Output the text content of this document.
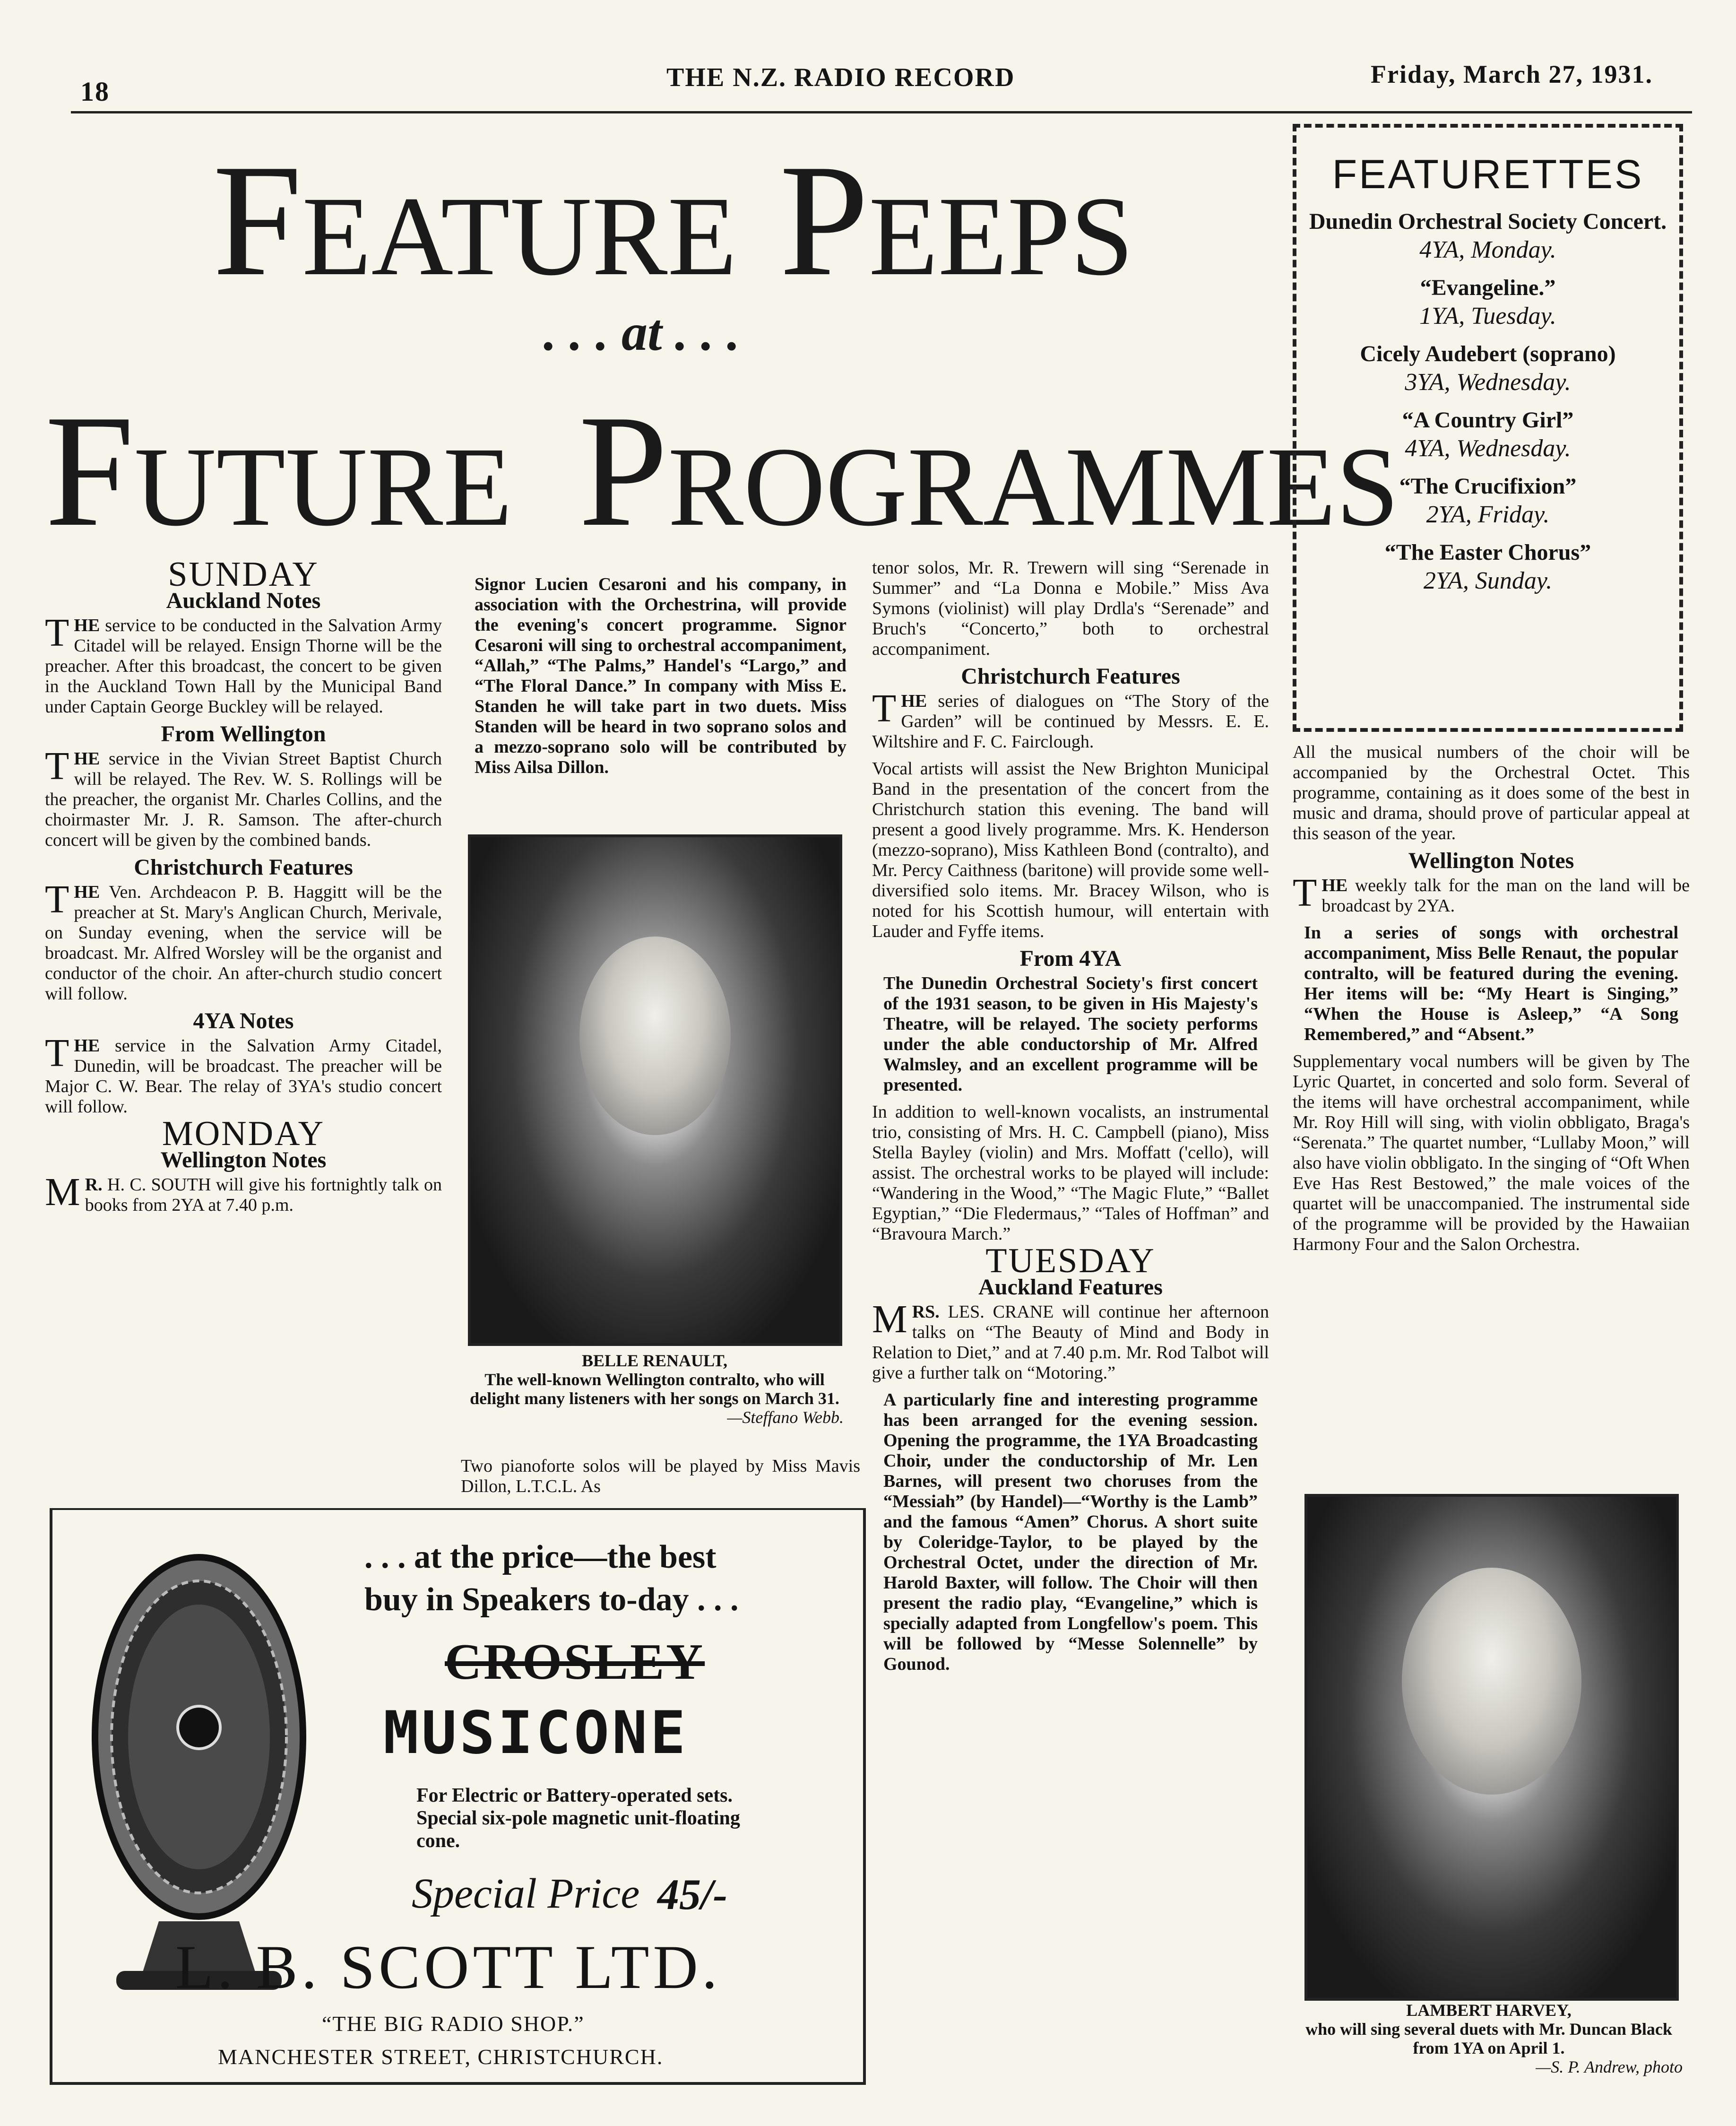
18	THE N.Z. RADIO RECORD	Friday, March 27, 1931.
FEATURE PEEPS
. . . at . . .
FUTURE PROGRAMMES
FEATURETTES
Dunedin Orchestral Society Concert.
4YA, Monday.
“Evangeline.”
1YA, Tuesday.
Cicely Audebert (soprano)
3YA, Wednesday.
“A Country Girl”
4YA, Wednesday.
“The Crucifixion”
2YA, Friday.
“The Easter Chorus”
2YA, Sunday.
SUNDAY
Auckland Notes

THE service to be conducted in the Salvation Army Citadel will be relayed. Ensign Thorne will be the preacher. After this broadcast, the concert to be given in the Auckland Town Hall by the Municipal Band under Captain George Buckley will be relayed.

From Wellington

THE service in the Vivian Street Baptist Church will be relayed. The Rev. W. S. Rollings will be the preacher, the organist Mr. Charles Collins, and the choirmaster Mr. J. R. Samson. The after-church concert will be given by the combined bands.

Christchurch Features

THE Ven. Archdeacon P. B. Haggitt will be the preacher at St. Mary's Anglican Church, Merivale, on Sunday evening, when the service will be broadcast. Mr. Alfred Worsley will be the organist and conductor of the choir. An after-church studio concert will follow.

4YA Notes

THE service in the Salvation Army Citadel, Dunedin, will be broadcast. The preacher will be Major C. W. Bear. The relay of 3YA's studio concert will follow.

MONDAY
Wellington Notes

M R. H. C. SOUTH will give his fortnightly talk on books from 2YA at 7.40 p.m.

Signor Lucien Cesaroni and his company, in association with the Orchestrina, will provide the evening's concert programme. Signor Cesaroni will sing to orchestral accompaniment, “Allah,” “The Palms,” Handel's “Largo,” and “The Floral Dance.” In company with Miss E. Standen he will take part in two duets. Miss Standen will be heard in two soprano solos and a mezzo-soprano solo will be contributed by Miss Ailsa Dillon.

BELLE RENAULT,
The well-known Wellington contralto, who will delight many listeners with her songs on March 31.
—Steffano Webb.

Two pianoforte solos will be played by Miss Mavis Dillon, L.T.C.L. As

tenor solos, Mr. R. Trewern will sing “Serenade in Summer” and “La Donna e Mobile.” Miss Ava Symons (violinist) will play Drdla's “Serenade” and Bruch's “Concerto,” both to orchestral accompaniment.

Christchurch Features

THE series of dialogues on “The Story of the Garden” will be continued by Messrs. E. E. Wiltshire and F. C. Fairclough.

Vocal artists will assist the New Brighton Municipal Band in the presentation of the concert from the Christchurch station this evening. The band will present a good lively programme. Mrs. K. Henderson (mezzo-soprano), Miss Kathleen Bond (contralto), and Mr. Percy Caithness (baritone) will provide some well-diversified solo items. Mr. Bracey Wilson, who is noted for his Scottish humour, will entertain with Lauder and Fyffe items.

From 4YA

The Dunedin Orchestral Society's first concert of the 1931 season, to be given in His Majesty's Theatre, will be relayed. The society performs under the able conductorship of Mr. Alfred Walmsley, and an excellent programme will be presented.

In addition to well-known vocalists, an instrumental trio, consisting of Mrs. H. C. Campbell (piano), Miss Stella Bayley (violin) and Mrs. Moffatt ('cello), will assist. The orchestral works to be played will include: “Wandering in the Wood,” “The Magic Flute,” “Ballet Egyptian,” “Die Fledermaus,” “Tales of Hoffman” and “Bravoura March.”

TUESDAY
Auckland Features

MRS. LES. CRANE will continue her afternoon talks on “The Beauty of Mind and Body in Relation to Diet,” and at 7.40 p.m. Mr. Rod Talbot will give a further talk on “Motoring.”

A particularly fine and interesting programme has been arranged for the evening session. Opening the programme, the 1YA Broadcasting Choir, under the conductorship of Mr. Len Barnes, will present two choruses from the “Messiah” (by Handel)—“Worthy is the Lamb” and the famous “Amen” Chorus. A short suite by Coleridge-Taylor, to be played by the Orchestral Octet, under the direction of Mr. Harold Baxter, will follow. The Choir will then present the radio play, “Evangeline,” which is specially adapted from Longfellow's poem. This will be followed by “Messe Solennelle” by Gounod.

All the musical numbers of the choir will be accompanied by the Orchestral Octet. This programme, containing as it does some of the best in music and drama, should prove of particular appeal at this season of the year.

Wellington Notes

THE weekly talk for the man on the land will be broadcast by 2YA.

In a series of songs with orchestral accompaniment, Miss Belle Renaut, the popular contralto, will be featured during the evening. Her items will be: “My Heart is Singing,” “When the House is Asleep,” “A Song Remembered,” and “Absent.”

Supplementary vocal numbers will be given by The Lyric Quartet, in concerted and solo form. Several of the items will have orchestral accompaniment, while Mr. Roy Hill will sing, with violin obbligato, Braga's “Serenata.” The quartet number, “Lullaby Moon,” will also have violin obbligato. In the singing of “Oft When Eve Has Rest Bestowed,” the male voices of the quartet will be unaccompanied. The instrumental side of the programme will be provided by the Hawaiian Harmony Four and the Salon Orchestra.

LAMBERT HARVEY,
who will sing several duets with Mr. Duncan Black from 1YA on April 1.
—S. P. Andrew, photo
. . . at the price—the best
buy in Speakers to-day . . .
CROSLEY
MUSICONE
For Electric or Battery-operated sets. Special six-pole magnetic unit-floating cone.
Special Price 45/-
L. B. SCOTT LTD.
“THE BIG RADIO SHOP.”
MANCHESTER STREET, CHRISTCHURCH.
